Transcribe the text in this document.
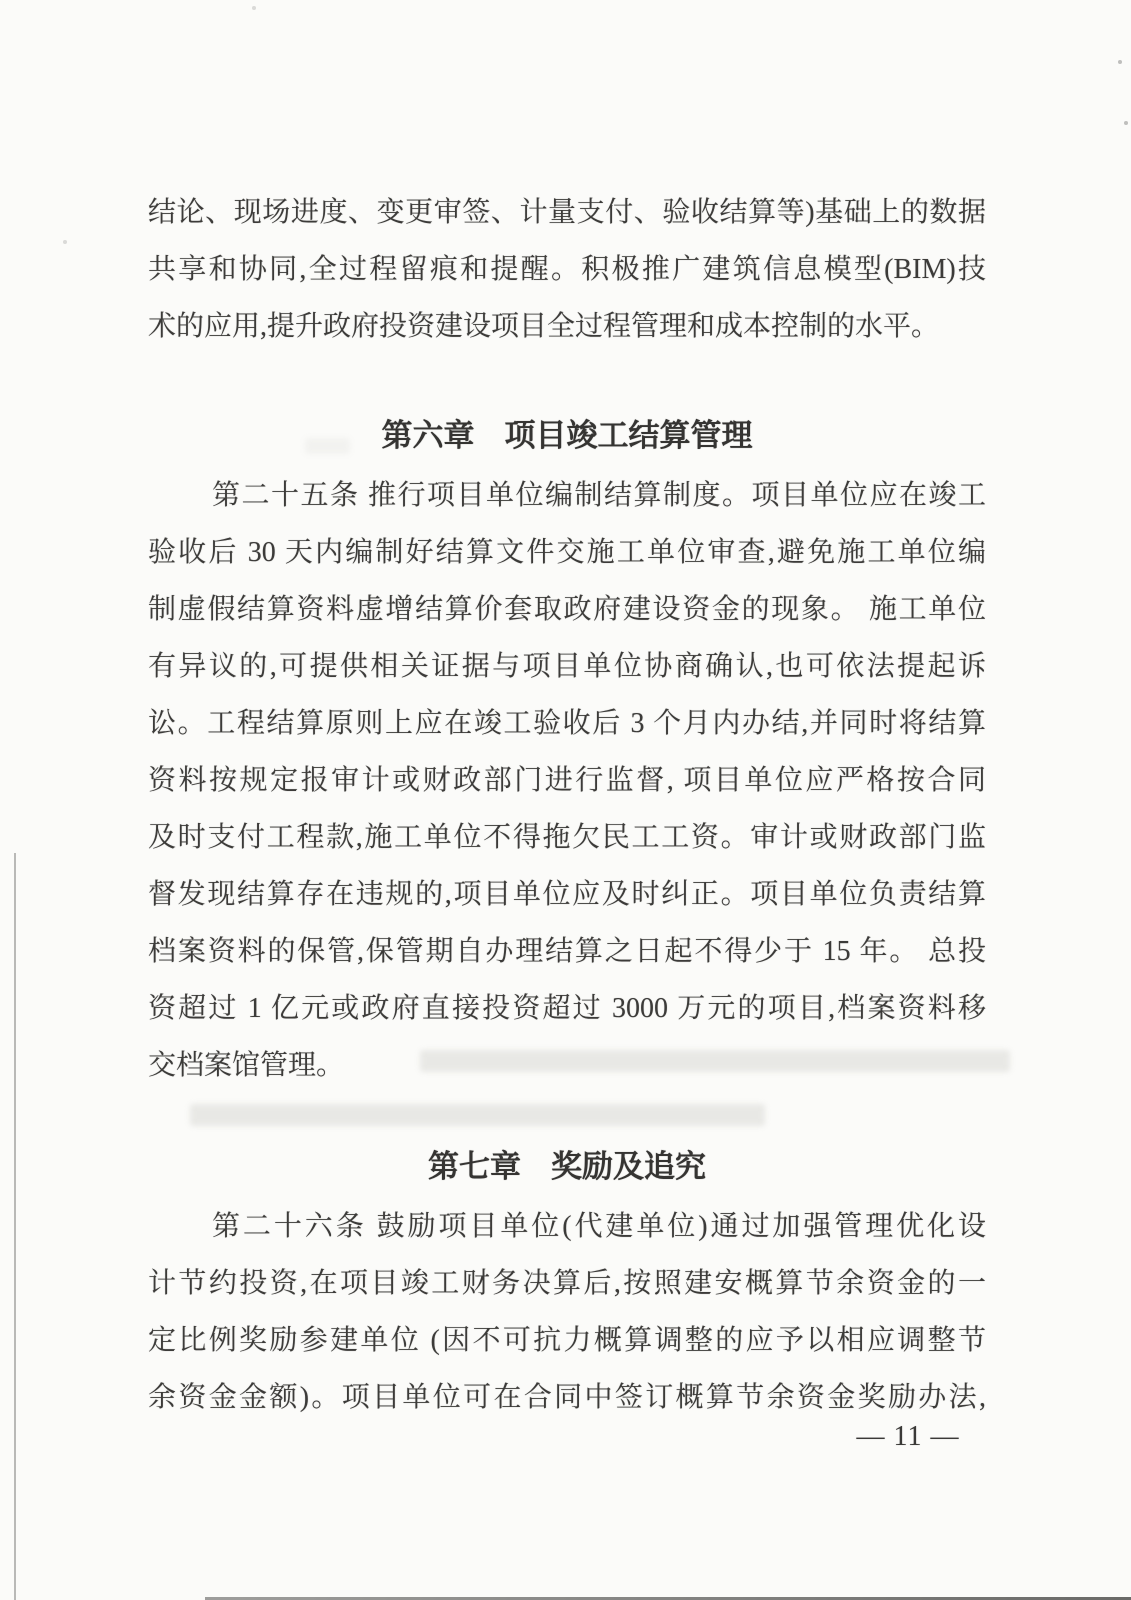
结论、现场进度、变更审签、计量支付、验收结算等)基础上的数据
共享和协同,全过程留痕和提醒。积极推广建筑信息模型(BIM)技
术的应用,提升政府投资建设项目全过程管理和成本控制的水平。
第六章 项目竣工结算管理
第二十五条 推行项目单位编制结算制度。项目单位应在竣工
验收后 30 天内编制好结算文件交施工单位审查,避免施工单位编
制虚假结算资料虚增结算价套取政府建设资金的现象。 施工单位
有异议的,可提供相关证据与项目单位协商确认,也可依法提起诉
讼。工程结算原则上应在竣工验收后 3 个月内办结,并同时将结算
资料按规定报审计或财政部门进行监督, 项目单位应严格按合同
及时支付工程款,施工单位不得拖欠民工工资。审计或财政部门监
督发现结算存在违规的,项目单位应及时纠正。项目单位负责结算
档案资料的保管,保管期自办理结算之日起不得少于 15 年。 总投
资超过 1 亿元或政府直接投资超过 3000 万元的项目,档案资料移
交档案馆管理。
第七章 奖励及追究
第二十六条 鼓励项目单位(代建单位)通过加强管理优化设
计节约投资,在项目竣工财务决算后,按照建安概算节余资金的一
定比例奖励参建单位 (因不可抗力概算调整的应予以相应调整节
余资金金额)。项目单位可在合同中签订概算节余资金奖励办法,
— 11 —
